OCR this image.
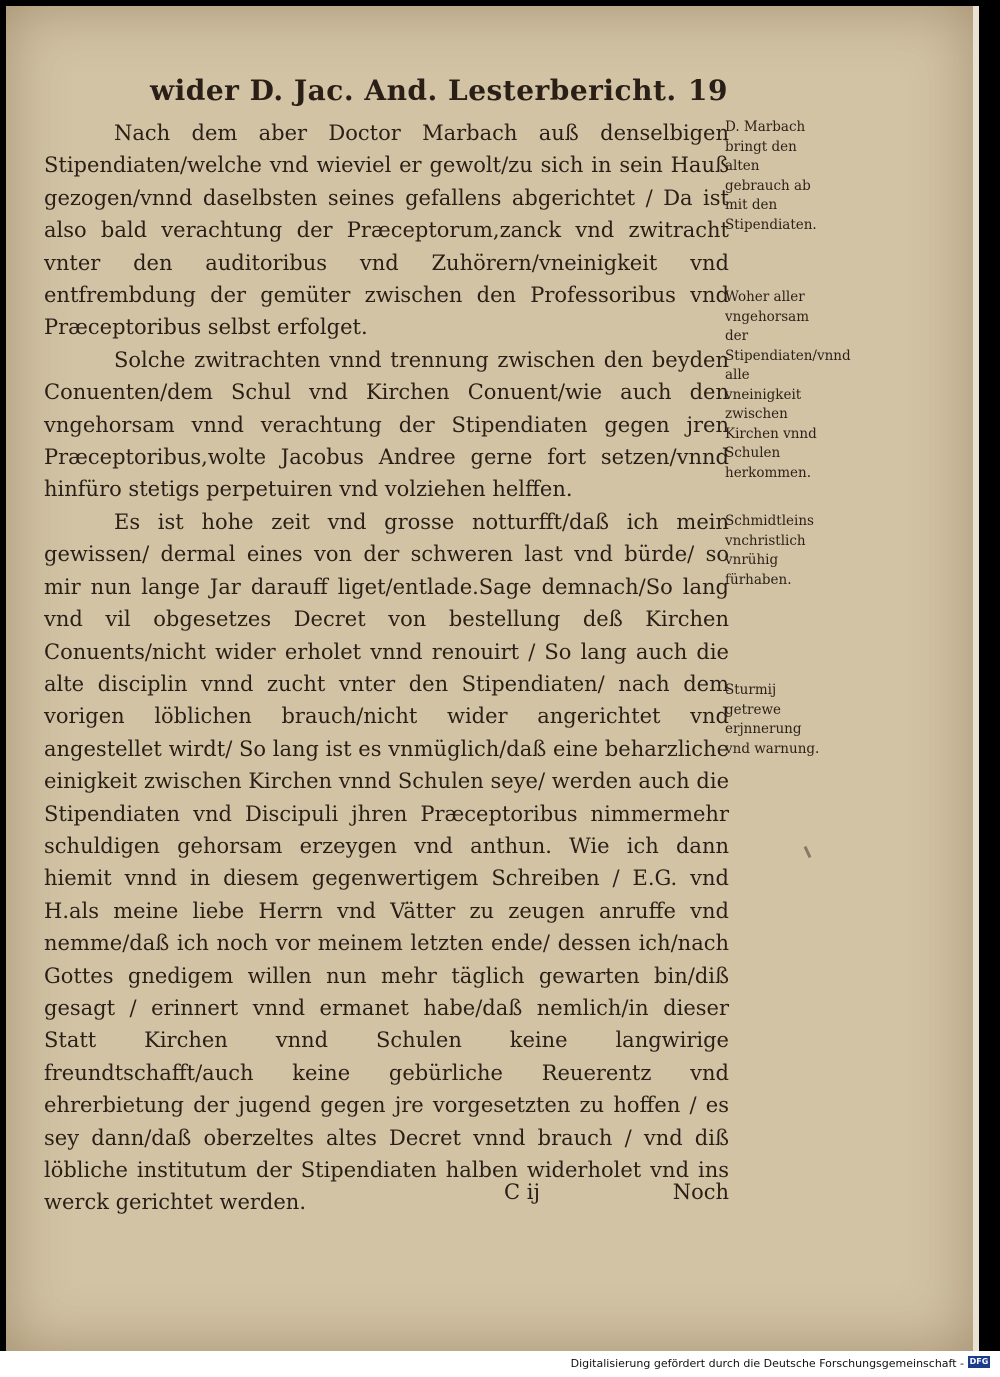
wider D. Jac. And. Lesterbericht. 19

Nach dem aber Doctor Marbach auß denselbigen Stipendiaten/welche vnd wieviel er gewolt/zu sich in sein Hauß gezogen/vnnd daselbsten seines gefallens abgerichtet / Da ist also bald verachtung der Præceptorum,zanck vnd zwitracht vnter den auditoribus vnd Zuhörern/vneinigkeit vnd entfrembdung der gemüter zwischen den Professoribus vnd Præceptoribus selbst erfolget.

Solche zwitrachten vnnd trennung zwischen den beyden Conuenten/dem Schul vnd Kirchen Conuent/wie auch den vngehorsam vnnd verachtung der Stipendiaten gegen jren Præceptoribus,wolte Jacobus Andree gerne fort setzen/vnnd hinfüro stetigs perpetuiren vnd volziehen helffen.

Es ist hohe zeit vnd grosse notturfft/daß ich mein gewissen/ dermal eines von der schweren last vnd bürde/ so mir nun lange Jar darauff liget/entlade.Sage demnach/So lang vnd vil obgesetzes Decret von bestellung deß Kirchen Conuents/nicht wider erholet vnnd renouirt / So lang auch die alte disciplin vnnd zucht vnter den Stipendiaten/ nach dem vorigen löblichen brauch/nicht wider angerichtet vnd angestellet wirdt/ So lang ist es vnmüglich/daß eine beharzliche einigkeit zwischen Kirchen vnnd Schulen seye/ werden auch die Stipendiaten vnd Discipuli jhren Præceptoribus nimmermehr schuldigen gehorsam erzeygen vnd anthun. Wie ich dann hiemit vnnd in diesem gegenwertigem Schreiben / E.G. vnd H.als meine liebe Herrn vnd Vätter zu zeugen anruffe vnd nemme/daß ich noch vor meinem letzten ende/ dessen ich/nach Gottes gnedigem willen nun mehr täglich gewarten bin/diß gesagt / erinnert vnnd ermanet habe/daß nemlich/in dieser Statt Kirchen vnnd Schulen keine langwirige freundtschafft/auch keine gebürliche Reuerentz vnd ehrerbietung der jugend gegen jre vorgesetzten zu hoffen / es sey dann/daß oberzeltes altes Decret vnnd brauch / vnd diß löbliche institutum der Stipendiaten halben widerholet vnd ins werck gerichtet werden.	C ij	Noch
D. Marbach bringt den alten gebrauch ab mit den Stipendiaten.
Woher aller vngehorsam der Stipendiaten/vnnd alle vneinigkeit zwischen Kirchen vnnd Schulen herkommen.
Schmidtleins vnchristlich vnrühig fürhaben.
Sturmij getrewe erjnnerung vnd warnung.
Digitalisierung gefördert durch die Deutsche Forschungsgemeinschaft - DFG
